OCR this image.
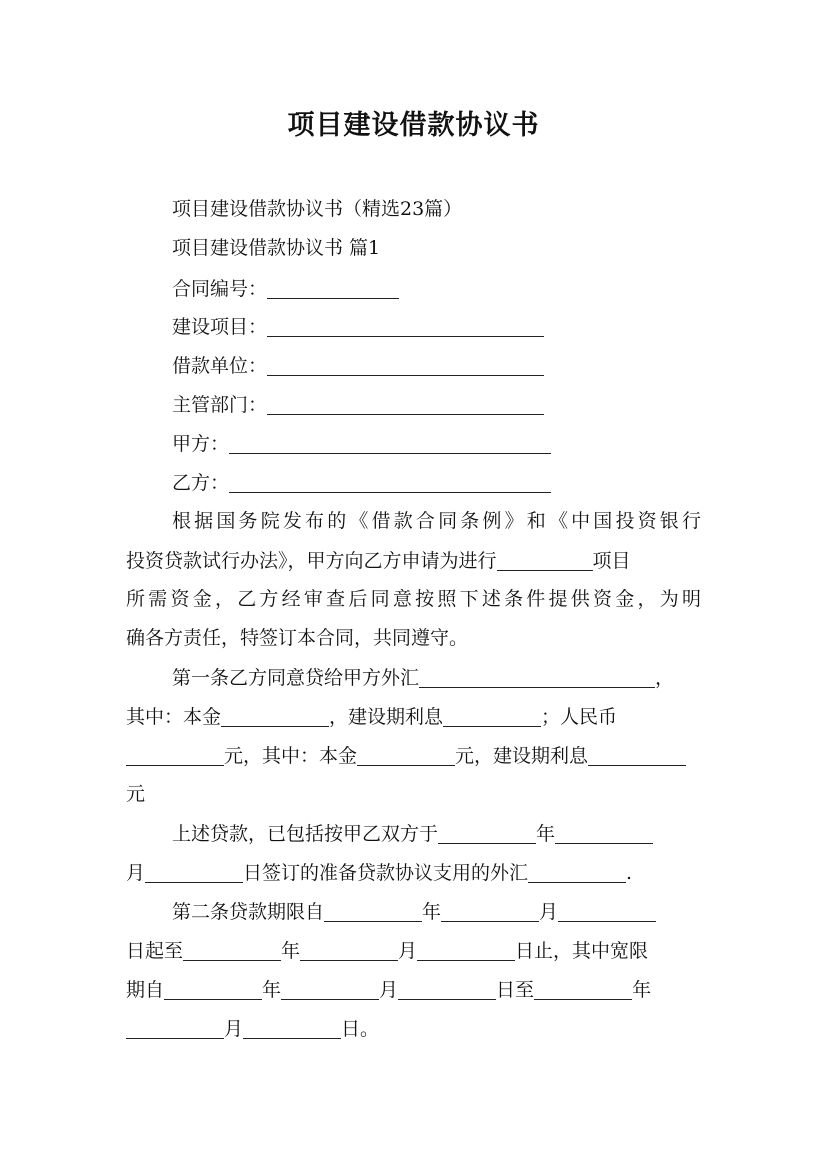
项目建设借款协议书
项目建设借款协议书（精选23篇）
项目建设借款协议书 篇1
合同编号：
建设项目：
借款单位：
主管部门：
甲方：
乙方：
根据国务院发布的《借款合同条例》和《中国投资银行
投资贷款试行办法》，甲方向乙方申请为进行	项目
所需资金，乙方经审查后同意按照下述条件提供资金，为明
确各方责任，特签订本合同，共同遵守。
第一条乙方同意贷给甲方外汇	，
其中：本金	，建设期利息	；人民币
元，其中：本金	元，建设期利息
元
上述贷款，已包括按甲乙双方于	年
月	日签订的准备贷款协议支用的外汇	.
第二条贷款期限自	年	月
日起至	年	月	日止，其中宽限
期自	年	月	日至	年
月	日。
